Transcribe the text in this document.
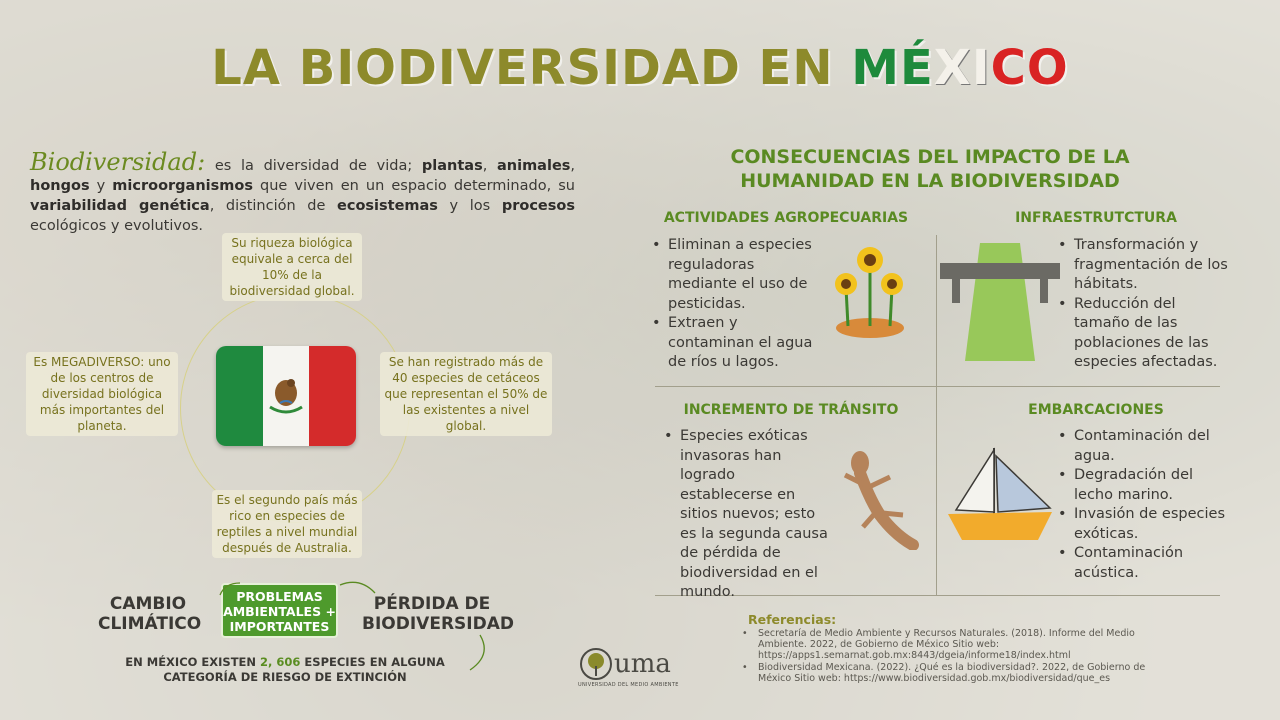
LA BIODIVERSIDAD EN MÉXICO
Biodiversidad: es la diversidad de vida; plantas, animales, hongos y microorganismos que viven en un espacio determinado, su variabilidad genética, distinción de ecosistemas y los procesos ecológicos y evolutivos.
Su riqueza biológica equivale a cerca del 10% de la biodiversidad global.
Es MEGADIVERSO: uno de los centros de diversidad biológica más importantes del planeta.
Se han registrado más de 40 especies de cetáceos que representan el 50% de las existentes a nivel global.
Es el segundo país más rico en especies de reptiles a nivel mundial después de Australia.
CAMBIO CLIMÁTICO
PROBLEMAS AMBIENTALES + IMPORTANTES
PÉRDIDA DE BIODIVERSIDAD
EN MÉXICO EXISTEN 2, 606 ESPECIES EN ALGUNA CATEGORÍA DE RIESGO DE EXTINCIÓN
CONSECUENCIAS DEL IMPACTO DE LA HUMANIDAD EN LA BIODIVERSIDAD
ACTIVIDADES AGROPECUARIAS
• Eliminan a especies reguladoras mediante el uso de pesticidas.
• Extraen y contaminan el agua de ríos u lagos.
INFRAESTRUTCTURA
• Transformación y fragmentación de los hábitats.
• Reducción del tamaño de las poblaciones de las especies afectadas.
INCREMENTO DE TRÁNSITO
• Especies exóticas invasoras han logrado establecerse en sitios nuevos; esto es la segunda causa de pérdida de biodiversidad en el mundo.
EMBARCACIONES
• Contaminación del agua.
• Degradación del lecho marino.
• Invasión de especies exóticas.
• Contaminación acústica.
Referencias:
• Secretaría de Medio Ambiente y Recursos Naturales. (2018). Informe del Medio Ambiente. 2022, de Gobierno de México Sitio web: https://apps1.semarnat.gob.mx:8443/dgeia/informe18/index.html
• Biodiversidad Mexicana. (2022). ¿Qué es la biodiversidad?. 2022, de Gobierno de México Sitio web: https://www.biodiversidad.gob.mx/biodiversidad/que_es
uma
UNIVERSIDAD DEL MEDIO AMBIENTE
